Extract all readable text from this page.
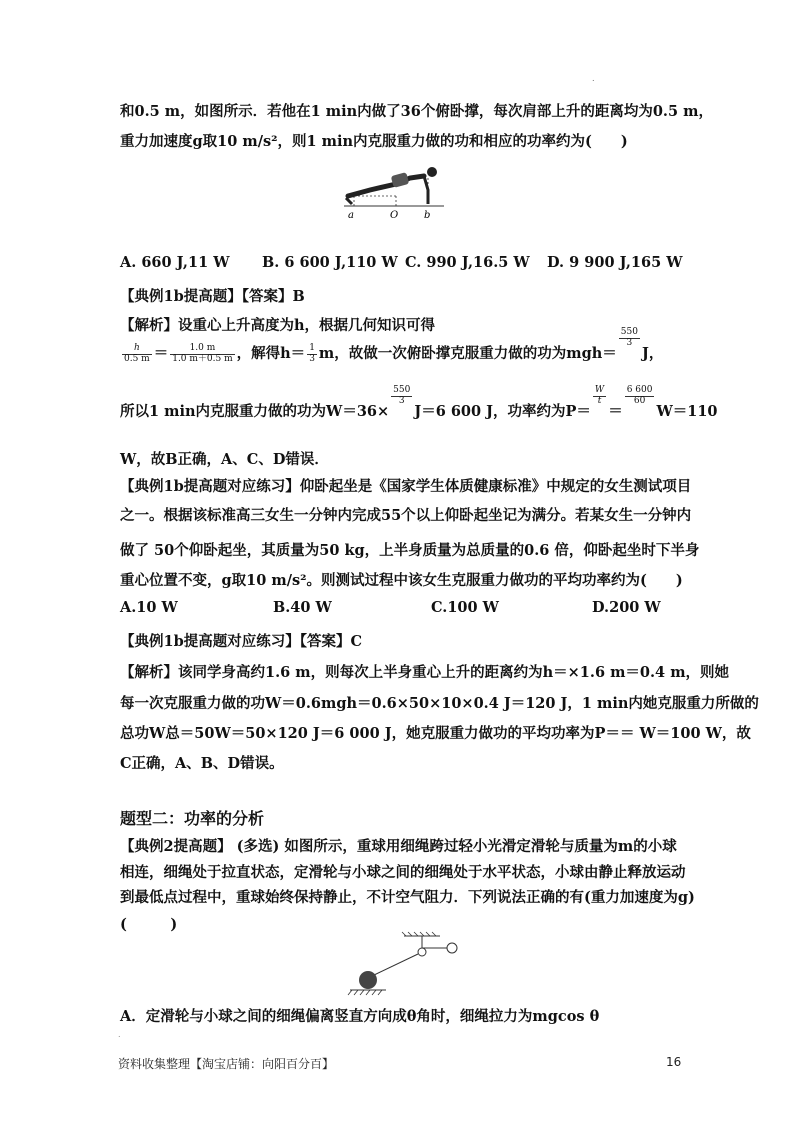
.
和0.5 m，如图所示．若他在1 min内做了36个俯卧撑，每次肩部上升的距离均为0.5 m，
重力加速度g取10 m/s²，则1 min内克服重力做的功和相应的功率约为(　　)
a	O	b
A. 660 J,11 W B. 6 600 J,110 W C. 990 J,16.5 W D. 9 900 J,165 W
【典例1b提高题】【答案】B
【解析】设重心上升高度为h，根据几何知识可得
$\frac{h}{0.5 m} = \frac{1.0 m}{1.0 m+0.5 m}$ ，解得$h= \frac{1}{3}$ m，故做一次俯卧撑克服重力做的功为mgh＝
$\frac{550}{3}$
J，
所以1 min内克服重力做的功为W＝36×
$\frac{550}{3}$
J＝6 600 J，功率约为P＝
$\frac{W}{t}$
＝
$\frac{6 600}{60}$
W＝110
W，故B正确，A、C、D错误．
【典例1b提高题对应练习】仰卧起坐是《国家学生体质健康标准》中规定的女生测试项目
之一。根据该标准高三女生一分钟内完成55个以上仰卧起坐记为满分。若某女生一分钟内
做了 50个仰卧起坐，其质量为50 kg，上半身质量为总质量的0.6 倍，仰卧起坐时下半身
重心位置不变，g取10 m/s²。则测试过程中该女生克服重力做功的平均功率约为(　　)
A.10 W	B.40 W	C.100 W	D.200 W
【典例1b提高题对应练习】【答案】C
【解析】该同学身高约1.6 m，则每次上半身重心上升的距离约为h＝×1.6 m＝0.4 m，则她
每一次克服重力做的功W＝0.6mgh＝0.6×50×10×0.4 J＝120 J，1 min内她克服重力所做的
总功W总＝50W＝50×120 J＝6 000 J，她克服重力做功的平均功率为P＝＝ W＝100 W，故
C正确，A、B、D错误。
题型二：功率的分析
【典例2提高题】 (多选) 如图所示，重球用细绳跨过轻小光滑定滑轮与质量为m的小球
相连，细绳处于拉直状态，定滑轮与小球之间的细绳处于水平状态，小球由静止释放运动
到最低点过程中，重球始终保持静止，不计空气阻力．下列说法正确的有(重力加速度为g)
(　　　)
A．定滑轮与小球之间的细绳偏离竖直方向成θ角时，细绳拉力为mgcos θ
.
资料收集整理【淘宝店铺：向阳百分百】	16
